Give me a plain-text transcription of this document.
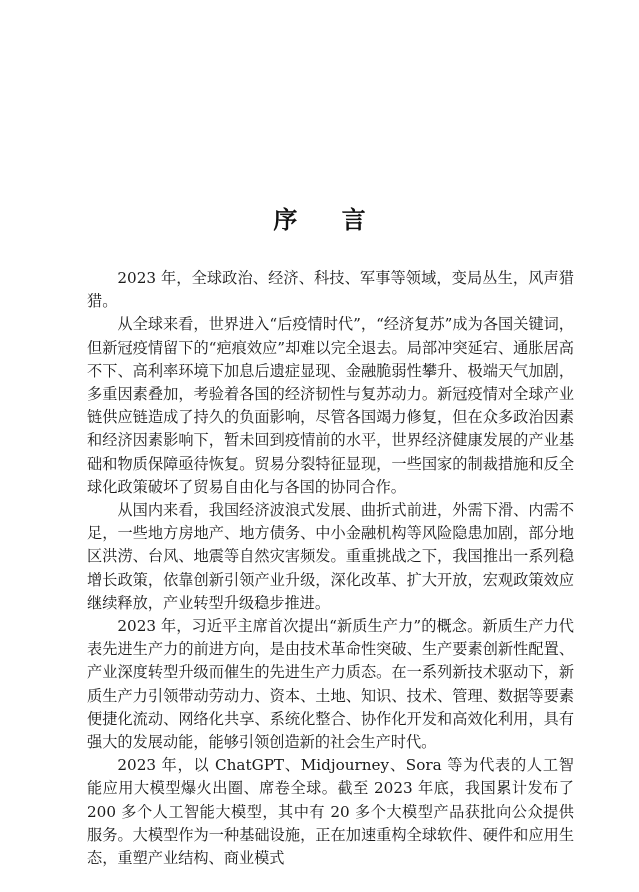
序 言

2023 年，全球政治、经济、科技、军事等领域，变局丛生，风声猎猎。

从全球来看，世界进入“后疫情时代”，“经济复苏”成为各国关键词，但新冠疫情留下的“疤痕效应”却难以完全退去。局部冲突延宕、通胀居高不下、高利率环境下加息后遗症显现、金融脆弱性攀升、极端天气加剧，多重因素叠加，考验着各国的经济韧性与复苏动力。新冠疫情对全球产业链供应链造成了持久的负面影响，尽管各国竭力修复，但在众多政治因素和经济因素影响下，暂未回到疫情前的水平，世界经济健康发展的产业基础和物质保障亟待恢复。贸易分裂特征显现，一些国家的制裁措施和反全球化政策破坏了贸易自由化与各国的协同合作。

从国内来看，我国经济波浪式发展、曲折式前进，外需下滑、内需不足，一些地方房地产、地方债务、中小金融机构等风险隐患加剧，部分地区洪涝、台风、地震等自然灾害频发。重重挑战之下，我国推出一系列稳增长政策，依靠创新引领产业升级，深化改革、扩大开放，宏观政策效应继续释放，产业转型升级稳步推进。

2023 年，习近平主席首次提出“新质生产力”的概念。新质生产力代表先进生产力的前进方向，是由技术革命性突破、生产要素创新性配置、产业深度转型升级而催生的先进生产力质态。在一系列新技术驱动下，新质生产力引领带动劳动力、资本、土地、知识、技术、管理、数据等要素便捷化流动、网络化共享、系统化整合、协作化开发和高效化利用，具有强大的发展动能，能够引领创造新的社会生产时代。

2023 年，以 ChatGPT、Midjourney、Sora 等为代表的人工智能应用大模型爆火出圈、席卷全球。截至 2023 年底，我国累计发布了 200 多个人工智能大模型，其中有 20 多个大模型产品获批向公众提供服务。大模型作为一种基础设施，正在加速重构全球软件、硬件和应用生态，重塑产业结构、商业模式
